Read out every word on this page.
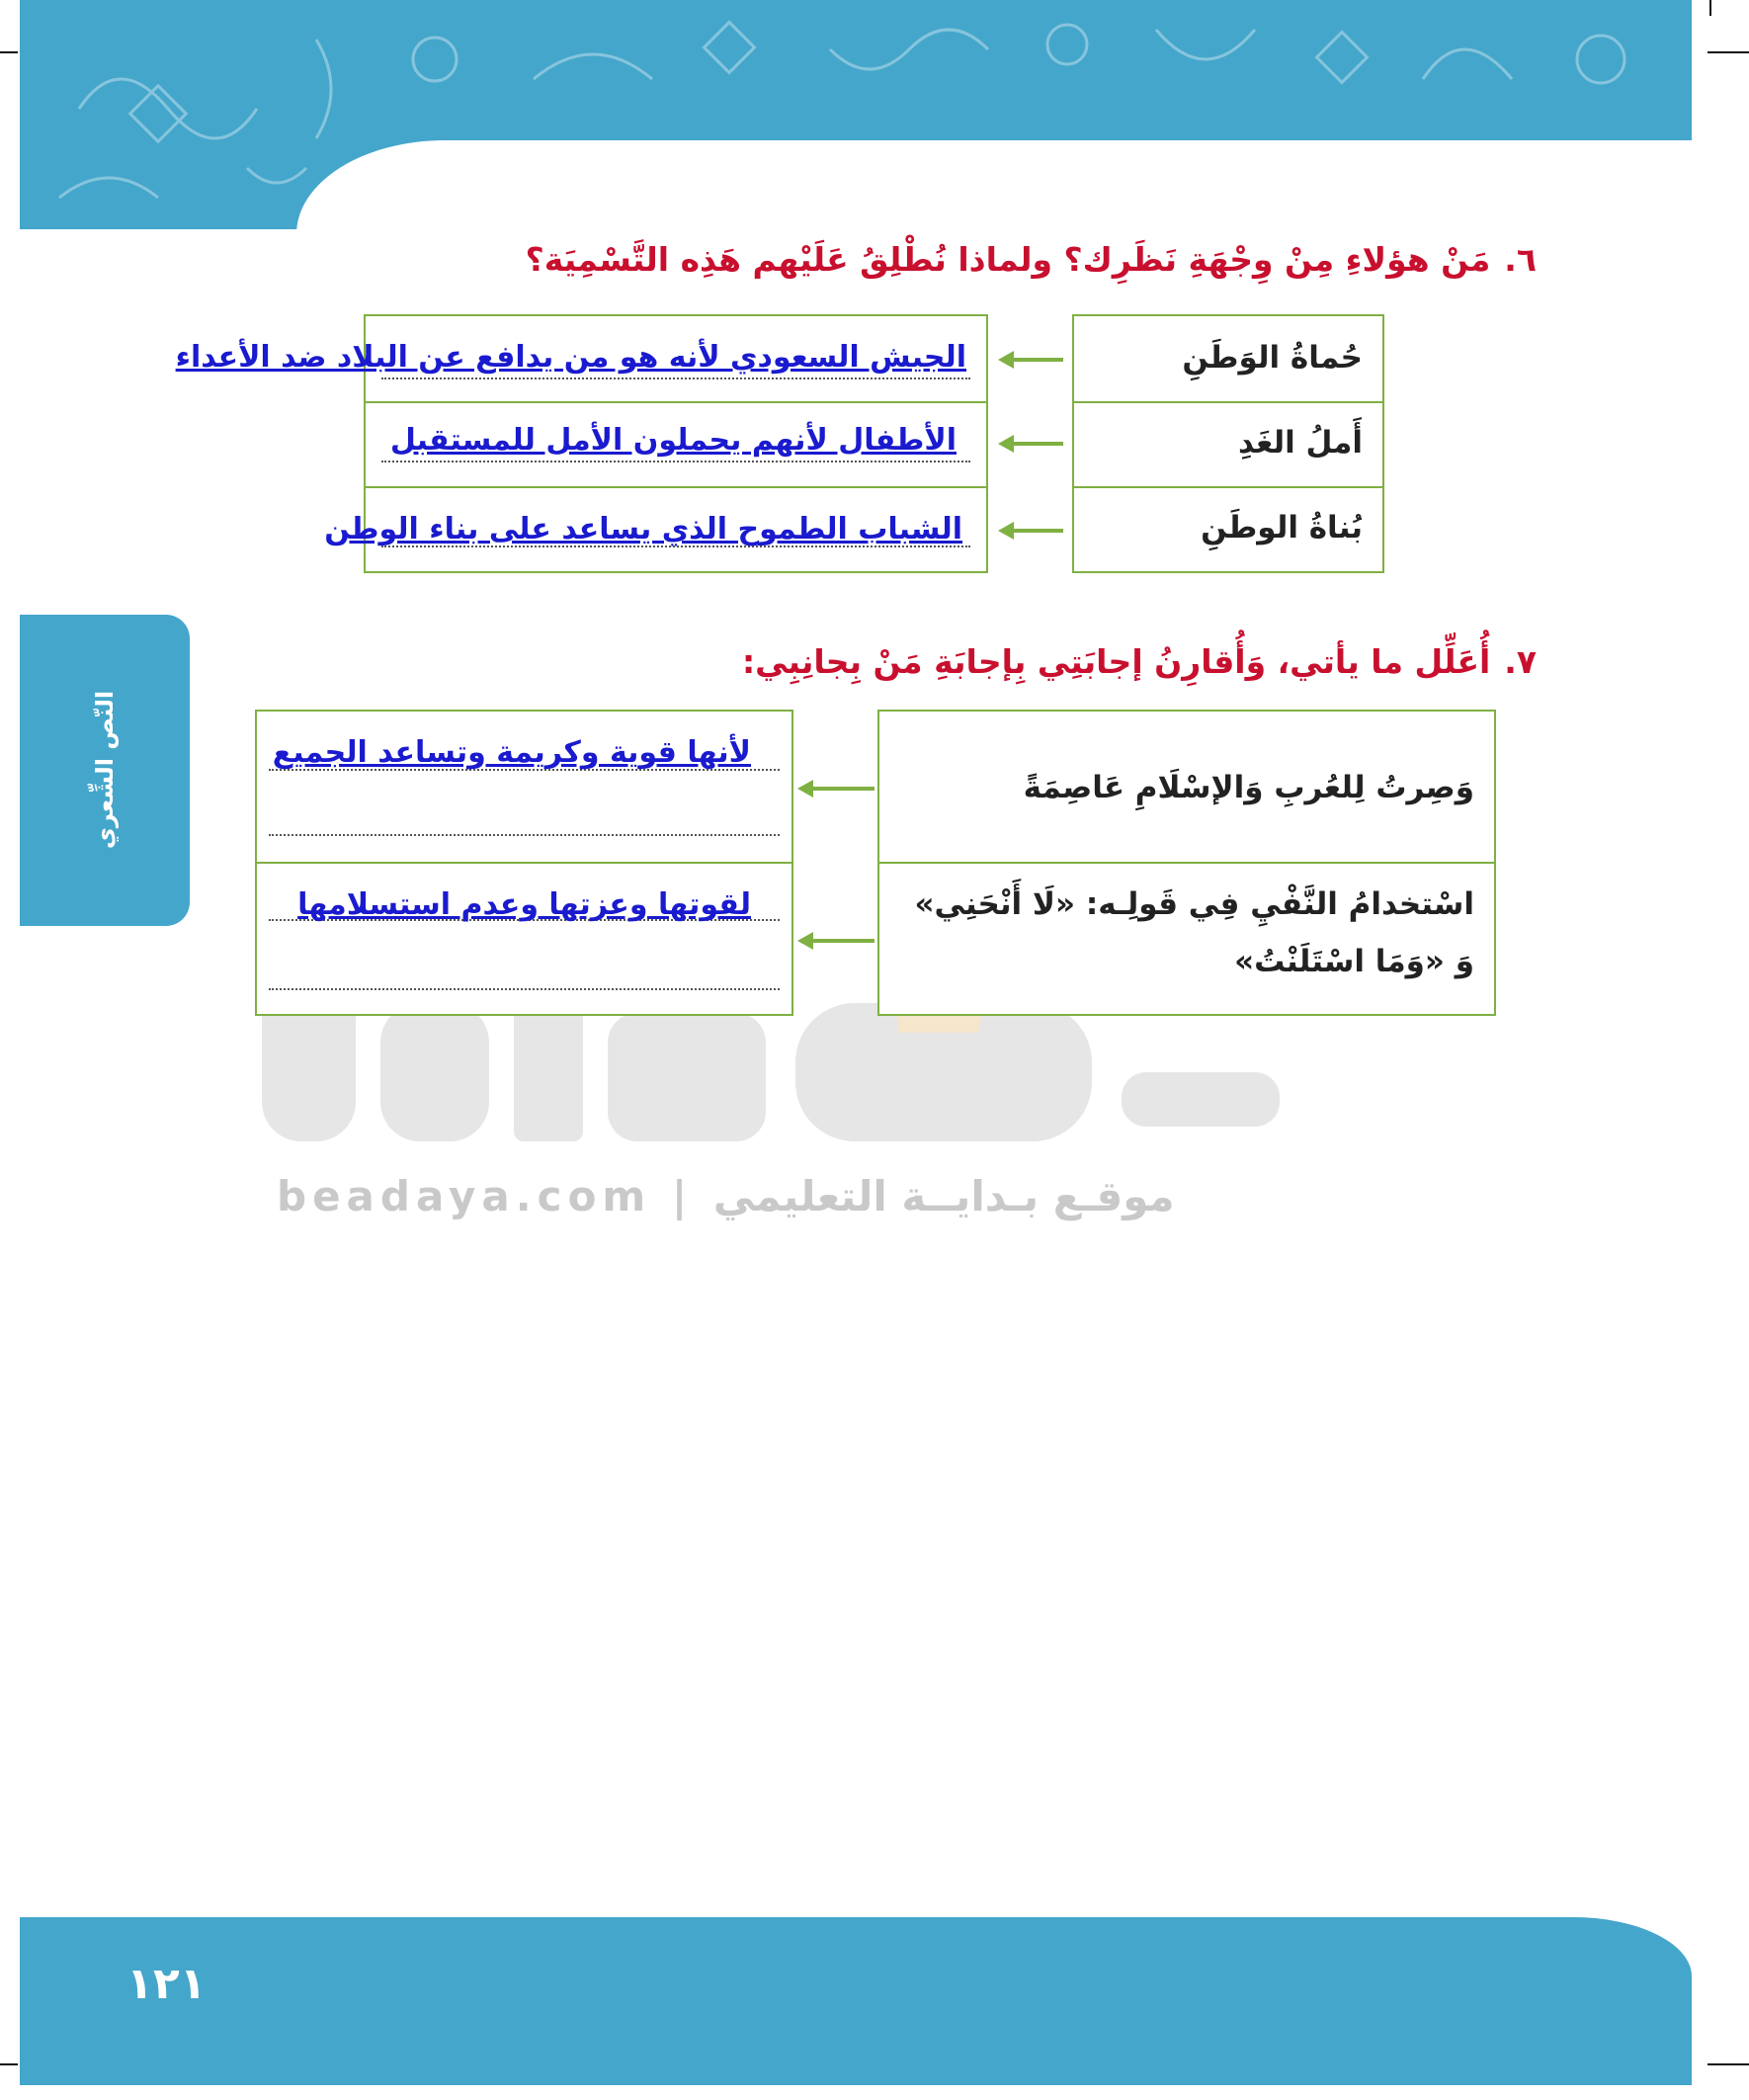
النّص الشِّعري
beadaya.com | موقـع بـدايــة التعليمي
٦.مَنْ هؤلاءِ مِنْ وِجْهَةِ نَظَرِك؟ ولماذا نُطْلِقُ عَلَيْهم هَذِه التَّسْمِيَة؟
حُماةُ الوَطَنِ
أَملُ الغَدِ
بُناةُ الوطَنِ
الجيش السعودي لأنه هو من يدافع عن البلاد ضد الأعداء
الأطفال لأنهم يحملون الأمل للمستقبل
الشباب الطموح الذي يساعد على بناء الوطن
٧.أُعَلِّل ما يأتي، وَأُقارِنُ إجابَتِي بِإجابَةِ مَنْ بِجانِبِي:
وَصِرتُ لِلعُربِ وَالإسْلَامِ عَاصِمَةً
اسْتخدامُ النَّفْيِ فِي قَولِـه: «لَا أَنْحَنِي» وَ «وَمَا اسْتَلَنْتُ»
لأنها قوية وكريمة وتساعد الجميع
لقوتها وعزتها وعدم استسلامها
١٢١
